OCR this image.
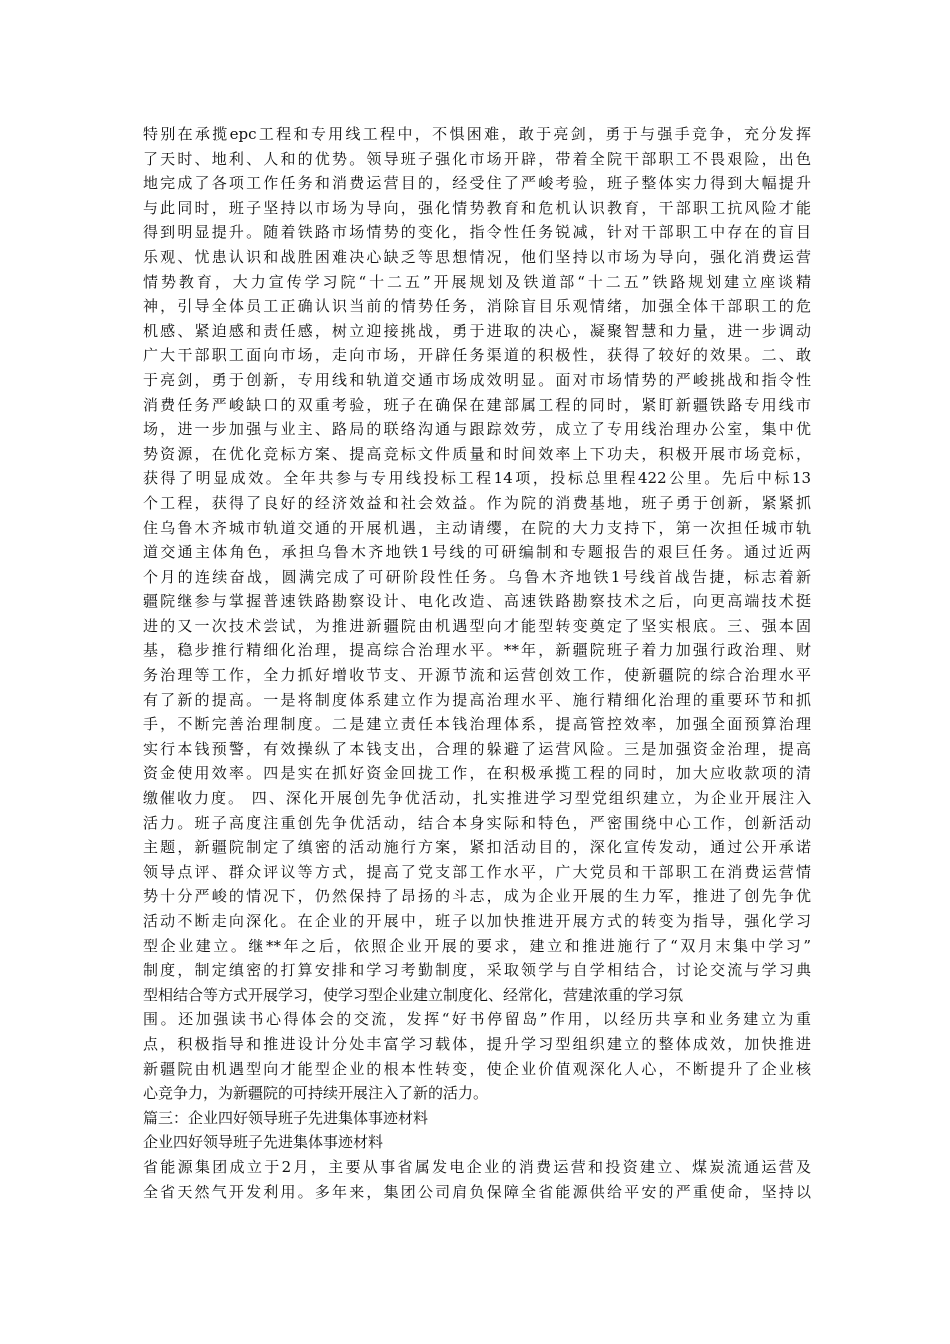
特别在承揽epc工程和专用线工程中，不惧困难，敢于亮剑，勇于与强手竞争，充分发挥
了天时、地利、人和的优势。领导班子强化市场开辟，带着全院干部职工不畏艰险，出色
地完成了各项工作任务和消费运营目的，经受住了严峻考验，班子整体实力得到大幅提升
与此同时，班子坚持以市场为导向，强化情势教育和危机认识教育，干部职工抗风险才能
得到明显提升。随着铁路市场情势的变化，指令性任务锐减，针对干部职工中存在的盲目
乐观、忧患认识和战胜困难决心缺乏等思想情况，他们坚持以市场为导向，强化消费运营
情势教育，大力宣传学习院“十二五”开展规划及铁道部“十二五”铁路规划建立座谈精
神，引导全体员工正确认识当前的情势任务，消除盲目乐观情绪，加强全体干部职工的危
机感、紧迫感和责任感，树立迎接挑战，勇于进取的决心，凝聚智慧和力量，进一步调动
广大干部职工面向市场，走向市场，开辟任务渠道的积极性，获得了较好的效果。二、敢
于亮剑，勇于创新，专用线和轨道交通市场成效明显。面对市场情势的严峻挑战和指令性
消费任务严峻缺口的双重考验，班子在确保在建部属工程的同时，紧盯新疆铁路专用线市
场，进一步加强与业主、路局的联络沟通与跟踪效劳，成立了专用线治理办公室，集中优
势资源，在优化竞标方案、提高竞标文件质量和时间效率上下功夫，积极开展市场竞标，
获得了明显成效。全年共参与专用线投标工程14项，投标总里程422公里。先后中标13
个工程，获得了良好的经济效益和社会效益。作为院的消费基地，班子勇于创新，紧紧抓
住乌鲁木齐城市轨道交通的开展机遇，主动请缨，在院的大力支持下，第一次担任城市轨
道交通主体角色，承担乌鲁木齐地铁1号线的可研编制和专题报告的艰巨任务。通过近两
个月的连续奋战，圆满完成了可研阶段性任务。乌鲁木齐地铁1号线首战告捷，标志着新
疆院继参与掌握普速铁路勘察设计、电化改造、高速铁路勘察技术之后，向更高端技术挺
进的又一次技术尝试，为推进新疆院由机遇型向才能型转变奠定了坚实根底。三、强本固
基，稳步推行精细化治理，提高综合治理水平。**年，新疆院班子着力加强行政治理、财
务治理等工作，全力抓好增收节支、开源节流和运营创效工作，使新疆院的综合治理水平
有了新的提高。一是将制度体系建立作为提高治理水平、施行精细化治理的重要环节和抓
手，不断完善治理制度。二是建立责任本钱治理体系，提高管控效率，加强全面预算治理
实行本钱预警，有效操纵了本钱支出，合理的躲避了运营风险。三是加强资金治理，提高
资金使用效率。四是实在抓好资金回拢工作，在积极承揽工程的同时，加大应收款项的清
缴催收力度。 四、深化开展创先争优活动，扎实推进学习型党组织建立，为企业开展注入
活力。班子高度注重创先争优活动，结合本身实际和特色，严密围绕中心工作，创新活动
主题，新疆院制定了缜密的活动施行方案，紧扣活动目的，深化宣传发动，通过公开承诺
领导点评、群众评议等方式，提高了党支部工作水平，广大党员和干部职工在消费运营情
势十分严峻的情况下，仍然保持了昂扬的斗志，成为企业开展的生力军，推进了创先争优
活动不断走向深化。在企业的开展中，班子以加快推进开展方式的转变为指导，强化学习
型企业建立。继**年之后，依照企业开展的要求，建立和推进施行了“双月末集中学习”
制度，制定缜密的打算安排和学习考勤制度，采取领学与自学相结合，讨论交流与学习典
型相结合等方式开展学习，使学习型企业建立制度化、经常化，营建浓重的学习氛
围。还加强读书心得体会的交流，发挥“好书停留岛”作用，以经历共享和业务建立为重
点，积极指导和推进设计分处丰富学习载体，提升学习型组织建立的整体成效，加快推进
新疆院由机遇型向才能型企业的根本性转变，使企业价值观深化人心，不断提升了企业核
心竞争力，为新疆院的可持续开展注入了新的活力。
篇三：企业四好领导班子先进集体事迹材料
企业四好领导班子先进集体事迹材料
省能源集团成立于2月，主要从事省属发电企业的消费运营和投资建立、煤炭流通运营及
全省天然气开发利用。多年来，集团公司肩负保障全省能源供给平安的严重使命，坚持以
